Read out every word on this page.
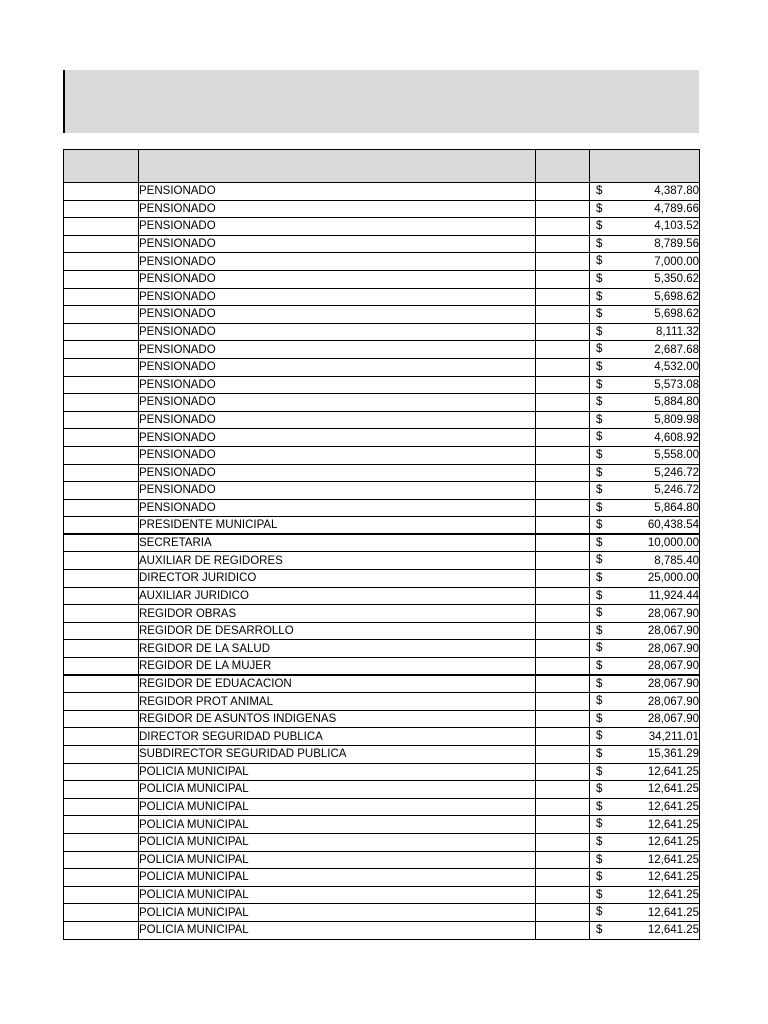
	PENSIONADO		$ 4,387.80
	PENSIONADO		$ 4,789.66
	PENSIONADO		$ 4,103.52
	PENSIONADO		$ 8,789.56
	PENSIONADO		$ 7,000.00
	PENSIONADO		$ 5,350.62
	PENSIONADO		$ 5,698.62
	PENSIONADO		$ 5,698.62
	PENSIONADO		$ 8,111.32
	PENSIONADO		$ 2,687.68
	PENSIONADO		$ 4,532.00
	PENSIONADO		$ 5,573.08
	PENSIONADO		$ 5,884.80
	PENSIONADO		$ 5,809.98
	PENSIONADO		$ 4,608.92
	PENSIONADO		$ 5,558.00
	PENSIONADO		$ 5,246.72
	PENSIONADO		$ 5,246.72
	PENSIONADO		$ 5,864.80
	PRESIDENTE MUNICIPAL		$ 60,438.54
	SECRETARIA		$ 10,000.00
	AUXILIAR DE REGIDORES		$ 8,785.40
	DIRECTOR JURIDICO		$ 25,000.00
	AUXILIAR JURIDICO		$ 11,924.44
	REGIDOR OBRAS		$ 28,067.90
	REGIDOR DE DESARROLLO		$ 28,067.90
	REGIDOR DE LA SALUD		$ 28,067.90
	REGIDOR DE LA MUJER		$ 28,067.90
	REGIDOR DE EDUACACION		$ 28,067.90
	REGIDOR PROT ANIMAL		$ 28,067.90
	REGIDOR DE ASUNTOS INDIGENAS		$ 28,067.90
	DIRECTOR SEGURIDAD PUBLICA		$ 34,211.01
	SUBDIRECTOR SEGURIDAD PUBLICA		$ 15,361.29
	POLICIA MUNICIPAL		$ 12,641.25
	POLICIA MUNICIPAL		$ 12,641.25
	POLICIA MUNICIPAL		$ 12,641.25
	POLICIA MUNICIPAL		$ 12,641.25
	POLICIA MUNICIPAL		$ 12,641.25
	POLICIA MUNICIPAL		$ 12,641.25
	POLICIA MUNICIPAL		$ 12,641.25
	POLICIA MUNICIPAL		$ 12,641.25
	POLICIA MUNICIPAL		$ 12,641.25
	POLICIA MUNICIPAL		$ 12,641.25
